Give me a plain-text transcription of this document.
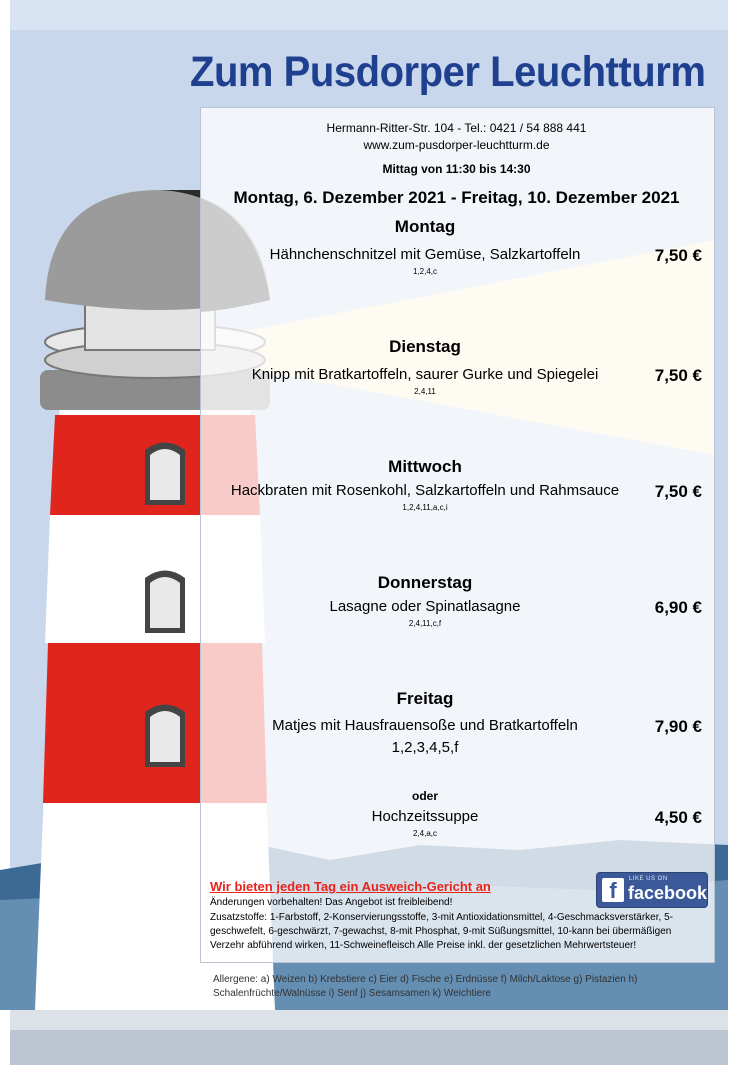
Zum Pusdorper Leuchtturm
Hermann-Ritter-Str. 104 - Tel.: 0421 / 54 888 441
www.zum-pusdorper-leuchtturm.de
Mittag von 11:30 bis 14:30
Montag, 6. Dezember 2021 - Freitag, 10. Dezember 2021
Montag
Hähnchenschnitzel mit Gemüse, Salzkartoffeln
1,2,4,c
7,50 €
Dienstag
Knipp mit Bratkartoffeln, saurer Gurke und Spiegelei
2,4,11
7,50 €
Mittwoch
Hackbraten mit Rosenkohl, Salzkartoffeln und Rahmsauce
1,2,4,11,a,c,i
7,50 €
Donnerstag
Lasagne oder Spinatlasagne
2,4,11,c,f
6,90 €
Freitag
Matjes mit Hausfrauensoße und Bratkartoffeln
1,2,3,4,5,f
7,90 €
oder
Hochzeitssuppe
2,4,a,c
4,50 €
Wir bieten jeden Tag ein Ausweich-Gericht an
Änderungen vorbehalten! Das Angebot ist freibleibend!
Zusatzstoffe: 1-Farbstoff, 2-Konservierungsstoffe, 3-mit Antioxidationsmittel, 4-Geschmacksverstärker, 5-geschwefelt, 6-geschwärzt, 7-gewachst, 8-mit Phosphat, 9-mit Süßungsmittel, 10-kann bei übermäßigen Verzehr abführend wirken, 11-Schweinefleisch Alle Preise inkl. der gesetzlichen Mehrwertsteuer!
Allergene: a) Weizen b) Krebstiere c) Eier d) Fische e) Erdnüsse f) Milch/Laktose g) Pistazien h) Schalenfrüchte/Walnüsse i) Senf j) Sesamsamen k) Weichtiere
f	LIKE US ON
facebook
